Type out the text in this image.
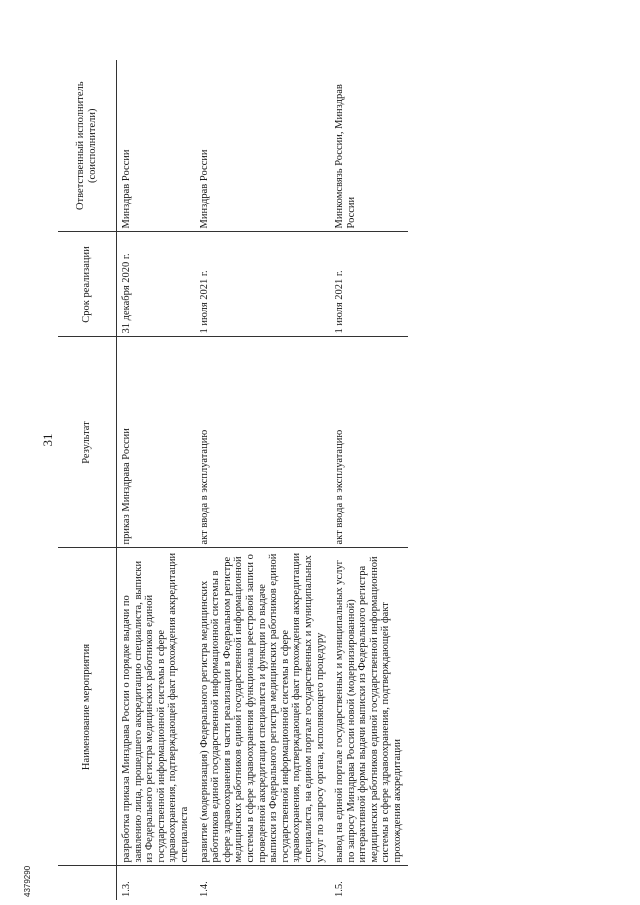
31
4379290
	Наименование мероприятия	Результат	Срок реализации	Ответственный исполнитель (соисполнители)
1.3.	разработка приказа Минздрава России о порядке выдачи по заявлению лица, прошедшего аккредитацию специалиста, выписки из Федерального регистра медицинских работников единой государственной информационной системы в сфере здравоохранения, подтверждающей факт прохождения аккредитации специалиста	приказ Минздрава России	31 декабря 2020 г.	Минздрав России
1.4.	развитие (модернизация) Федерального регистра медицинских работников единой государственной информационной системы в сфере здравоохранения в части реализации в Федеральном регистре медицинских работников единой государственной информационной системы в сфере здравоохранения функционала реестровой записи о проведенной аккредитации специалиста и функции по выдаче выписки из Федерального регистра медицинских работников единой государственной информационной системы в сфере здравоохранения, подтверждающей факт прохождения аккредитации специалиста, на едином портале государственных и муниципальных услуг по запросу органа, исполняющего процедуру	акт ввода в эксплуатацию	1 июля 2021 г.	Минздрав России
1.5.	вывод на единой портале государственных и муниципальных услуг по запросу Минздрава России новой (модернизированной) интерактивной формы выдачи выписки из Федерального регистра медицинских работников единой государственной информационной системы в сфере здравоохранения, подтверждающей факт прохождения аккредитации	акт ввода в эксплуатацию	1 июля 2021 г.	Минкомсвязь России, Минздрав России
